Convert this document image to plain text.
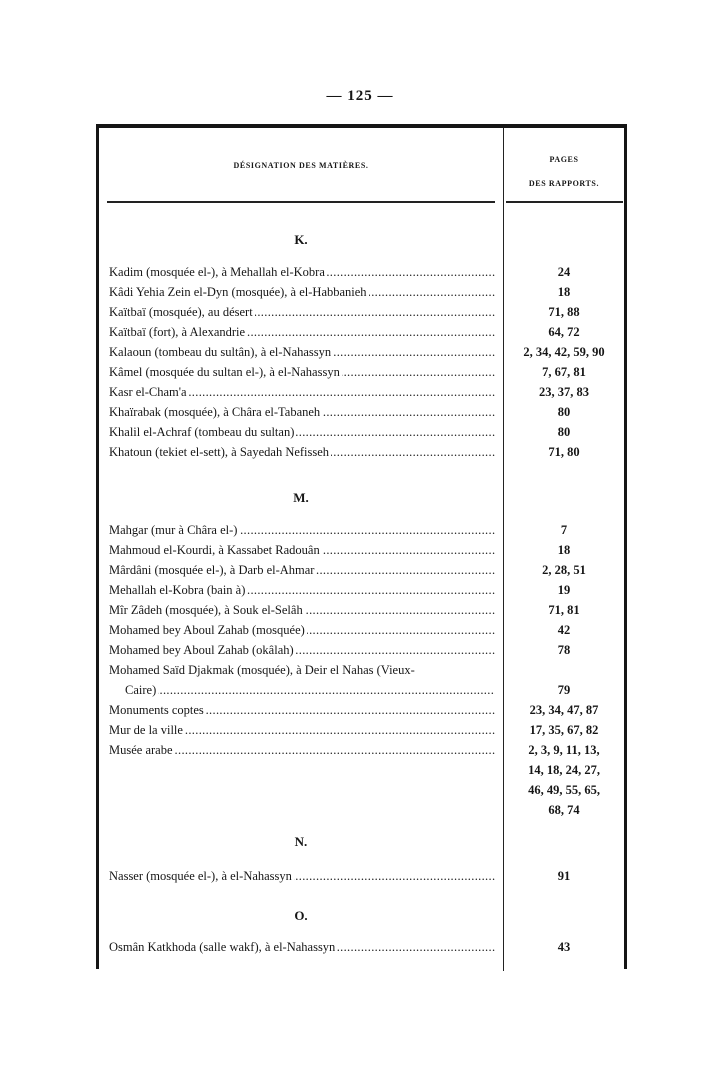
— 125 —
DÉSIGNATION DES MATIÈRES.
PAGES
DES RAPPORTS.
K.
Kadim (mosquée el-), à Mehallah el-Kobra . . .	24
Kâdi Yehia Zein el-Dyn (mosquée), à el-Habbanieh . . .	18
Kaïtbaï (mosquée), au désert . . .	71, 88
Kaïtbaï (fort), à Alexandrie . . .	64, 72
Kalaoun (tombeau du sultân), à el-Nahassyn . . .	2, 34, 42, 59, 90
Kâmel (mosquée du sultan el-), à el-Nahassyn . . .	7, 67, 81
Kasr el-Cham'a . . .	23, 37, 83
Khaïrabak (mosquée), à Châra el-Tabaneh . . .	80
Khalil el-Achraf (tombeau du sultan) . . .	80
Khatoun (tekiet el-sett), à Sayedah Nefisseh . . .	71, 80
M.
Mahgar (mur à Châra el-) . . .	7
Mahmoud el-Kourdi, à Kassabet Radouân . . .	18
Mârdâni (mosquée el-), à Darb el-Ahmar . . .	2, 28, 51
Mehallah el-Kobra (bain à) . . .	19
Mîr Zâdeh (mosquée), à Souk el-Selâh . . .	71, 81
Mohamed bey Aboul Zahab (mosquée) . . .	42
Mohamed bey Aboul Zahab (okâlah) . . .	78
Mohamed Saïd Djakmak (mosquée), à Deir el Nahas (Vieux-
Caire) . . .	79
Monuments coptes . . .	23, 34, 47, 87
Mur de la ville . . .	17, 35, 67, 82
Musée arabe . . .	2, 3, 9, 11, 13,
14, 18, 24, 27,
46, 49, 55, 65,
68, 74
N.
Nasser (mosquée el-), à el-Nahassyn . . .	91
O.
Osmân Katkhoda (salle wakf), à el-Nahassyn . . .	43
